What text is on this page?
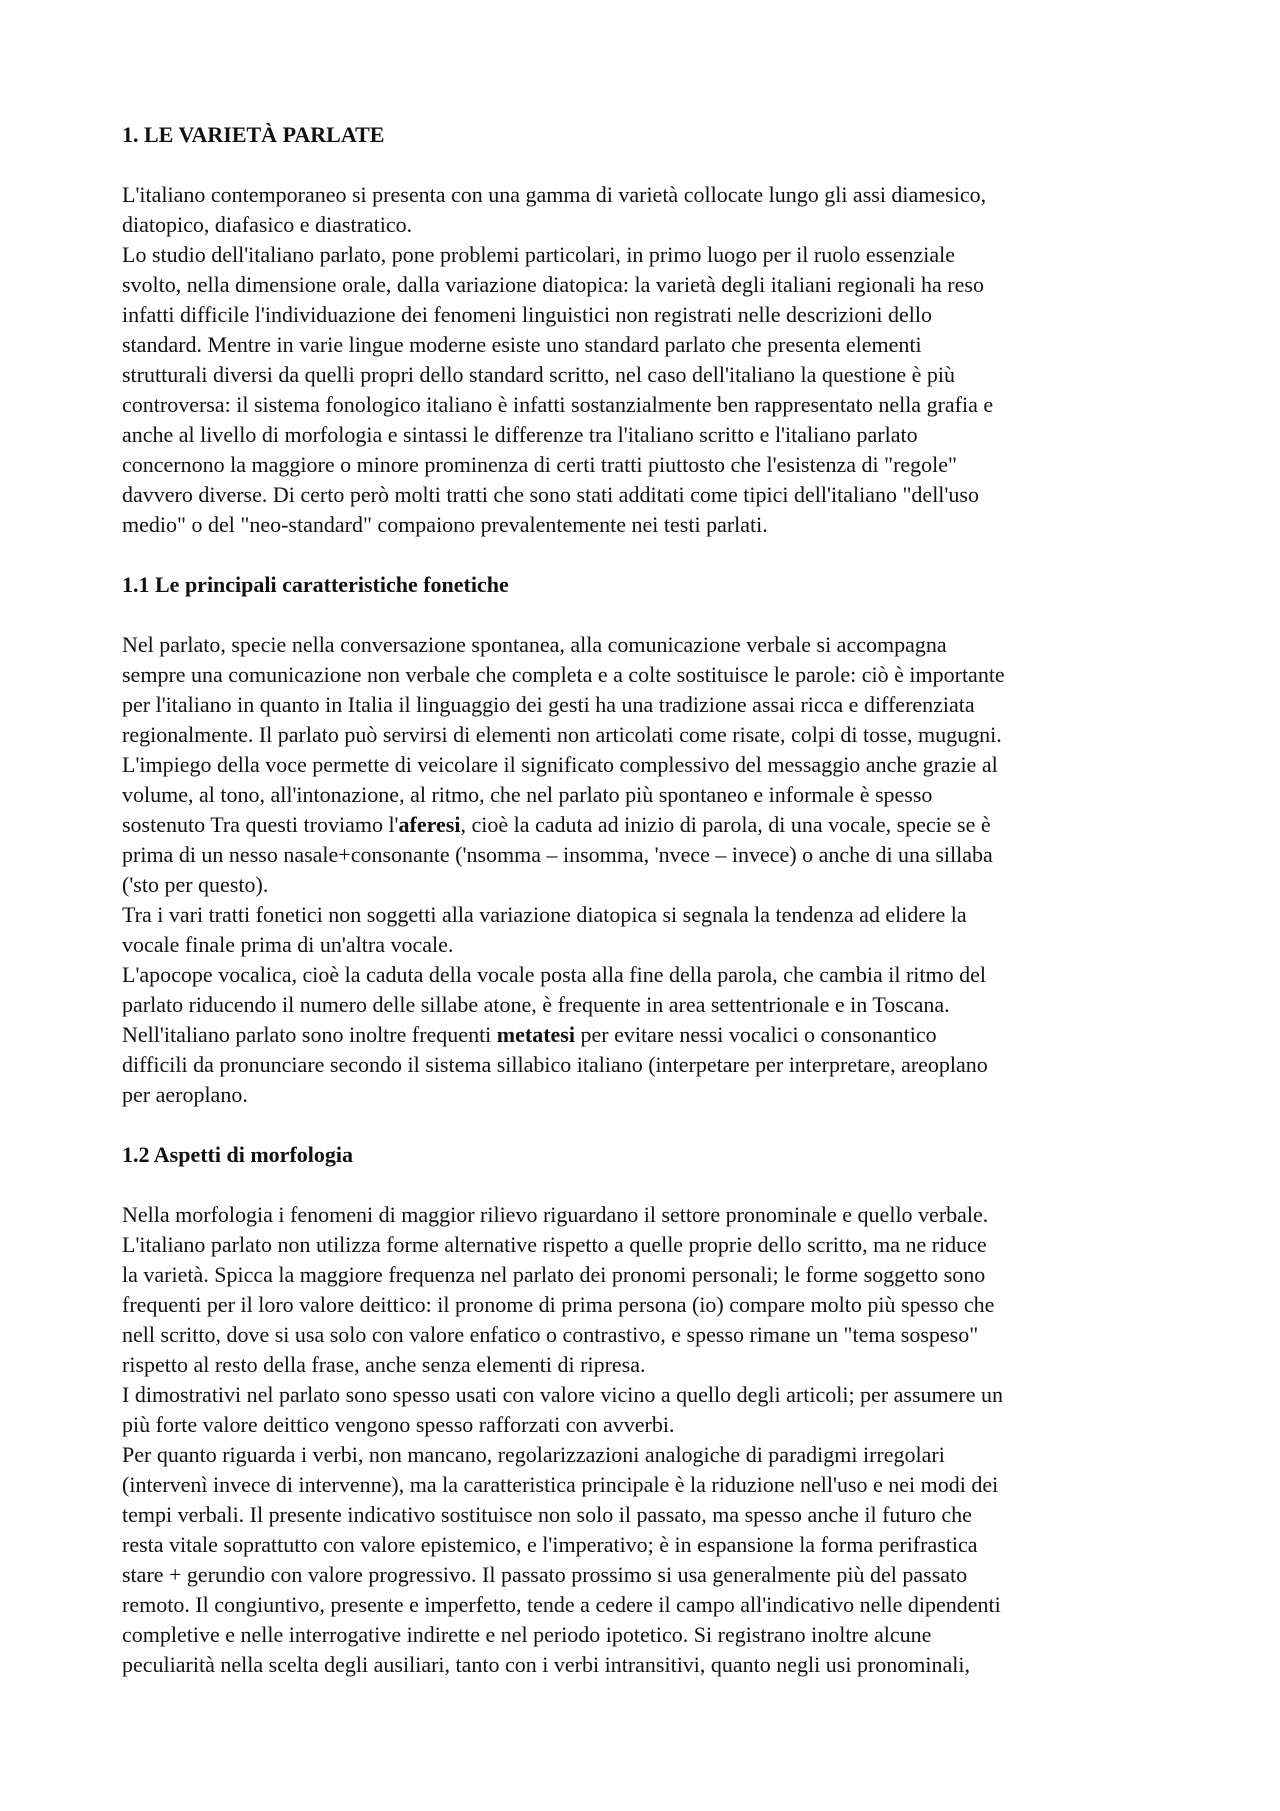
1. LE VARIETÀ PARLATE

L'italiano contemporaneo si presenta con una gamma di varietà collocate lungo gli assi diamesico,
diatopico, diafasico e diastratico.

Lo studio dell'italiano parlato, pone problemi particolari, in primo luogo per il ruolo essenziale
svolto, nella dimensione orale, dalla variazione diatopica: la varietà degli italiani regionali ha reso
infatti difficile l'individuazione dei fenomeni linguistici non registrati nelle descrizioni dello
standard. Mentre in varie lingue moderne esiste uno standard parlato che presenta elementi
strutturali diversi da quelli propri dello standard scritto, nel caso dell'italiano la questione è più
controversa: il sistema fonologico italiano è infatti sostanzialmente ben rappresentato nella grafia e
anche al livello di morfologia e sintassi le differenze tra l'italiano scritto e l'italiano parlato
concernono la maggiore o minore prominenza di certi tratti piuttosto che l'esistenza di "regole"
davvero diverse. Di certo però molti tratti che sono stati additati come tipici dell'italiano "dell'uso
medio" o del "neo-standard" compaiono prevalentemente nei testi parlati.

1.1 Le principali caratteristiche fonetiche

Nel parlato, specie nella conversazione spontanea, alla comunicazione verbale si accompagna
sempre una comunicazione non verbale che completa e a colte sostituisce le parole: ciò è importante
per l'italiano in quanto in Italia il linguaggio dei gesti ha una tradizione assai ricca e differenziata
regionalmente. Il parlato può servirsi di elementi non articolati come risate, colpi di tosse, mugugni.
L'impiego della voce permette di veicolare il significato complessivo del messaggio anche grazie al
volume, al tono, all'intonazione, al ritmo, che nel parlato più spontaneo e informale è spesso
sostenuto Tra questi troviamo l'aferesi, cioè la caduta ad inizio di parola, di una vocale, specie se è
prima di un nesso nasale+consonante ('nsomma – insomma, 'nvece – invece) o anche di una sillaba
('sto per questo).

Tra i vari tratti fonetici non soggetti alla variazione diatopica si segnala la tendenza ad elidere la
vocale finale prima di un'altra vocale.

L'apocope vocalica, cioè la caduta della vocale posta alla fine della parola, che cambia il ritmo del
parlato riducendo il numero delle sillabe atone, è frequente in area settentrionale e in Toscana.

Nell'italiano parlato sono inoltre frequenti metatesi per evitare nessi vocalici o consonantico
difficili da pronunciare secondo il sistema sillabico italiano (interpetare per interpretare, areoplano
per aeroplano.

1.2 Aspetti di morfologia

Nella morfologia i fenomeni di maggior rilievo riguardano il settore pronominale e quello verbale.
L'italiano parlato non utilizza forme alternative rispetto a quelle proprie dello scritto, ma ne riduce
la varietà. Spicca la maggiore frequenza nel parlato dei pronomi personali; le forme soggetto sono
frequenti per il loro valore deittico: il pronome di prima persona (io) compare molto più spesso che
nell scritto, dove si usa solo con valore enfatico o contrastivo, e spesso rimane un "tema sospeso"
rispetto al resto della frase, anche senza elementi di ripresa.

I dimostrativi nel parlato sono spesso usati con valore vicino a quello degli articoli; per assumere un
più forte valore deittico vengono spesso rafforzati con avverbi.

Per quanto riguarda i verbi, non mancano, regolarizzazioni analogiche di paradigmi irregolari
(intervenì invece di intervenne), ma la caratteristica principale è la riduzione nell'uso e nei modi dei
tempi verbali. Il presente indicativo sostituisce non solo il passato, ma spesso anche il futuro che
resta vitale soprattutto con valore epistemico, e l'imperativo; è in espansione la forma perifrastica
stare + gerundio con valore progressivo. Il passato prossimo si usa generalmente più del passato
remoto. Il congiuntivo, presente e imperfetto, tende a cedere il campo all'indicativo nelle dipendenti
completive e nelle interrogative indirette e nel periodo ipotetico. Si registrano inoltre alcune
peculiarità nella scelta degli ausiliari, tanto con i verbi intransitivi, quanto negli usi pronominali,
